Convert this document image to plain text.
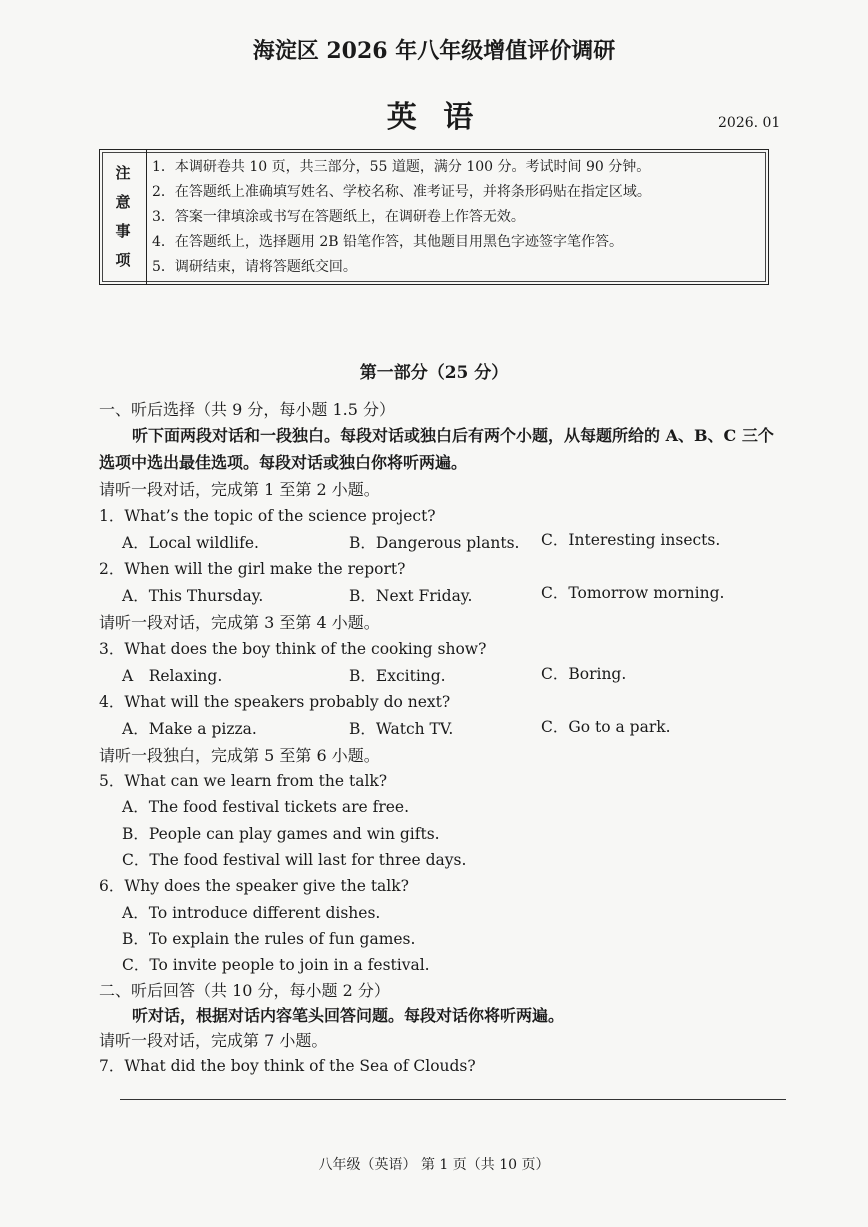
海淀区 2026 年八年级增值评价调研
英 语	2026. 01
注
意
事
项
1．本调研卷共 10 页，共三部分，55 道题，满分 100 分。考试时间 90 分钟。
2．在答题纸上准确填写姓名、学校名称、准考证号，并将条形码贴在指定区域。
3．答案一律填涂或书写在答题纸上，在调研卷上作答无效。
4．在答题纸上，选择题用 2B 铅笔作答，其他题目用黑色字迹签字笔作答。
5．调研结束，请将答题纸交回。
第一部分（25 分）
一、听后选择（共 9 分，每小题 1.5 分）
听下面两段对话和一段独白。每段对话或独白后有两个小题，从每题所给的 A、B、C 三个
选项中选出最佳选项。每段对话或独白你将听两遍。
请听一段对话，完成第 1 至第 2 小题。
1．What’s the topic of the science project?
A．Local wildlife.	B．Dangerous plants. C．Interesting insects.
2．When will the girl make the report?
A．This Thursday.	B．Next Friday.	C．Tomorrow morning.
请听一段对话，完成第 3 至第 4 小题。
3．What does the boy think of the cooking show?
A　Relaxing.	B．Exciting.	C．Boring.
4．What will the speakers probably do next?
A．Make a pizza.	B．Watch TV.	C．Go to a park.
请听一段独白，完成第 5 至第 6 小题。
5．What can we learn from the talk?
A．The food festival tickets are free.
B．People can play games and win gifts.
C．The food festival will last for three days.
6．Why does the speaker give the talk?
A．To introduce different dishes.
B．To explain the rules of fun games.
C．To invite people to join in a festival.
二、听后回答（共 10 分，每小题 2 分）
听对话，根据对话内容笔头回答问题。每段对话你将听两遍。
请听一段对话，完成第 7 小题。
7．What did the boy think of the Sea of Clouds?
八年级（英语） 第 1 页（共 10 页）
